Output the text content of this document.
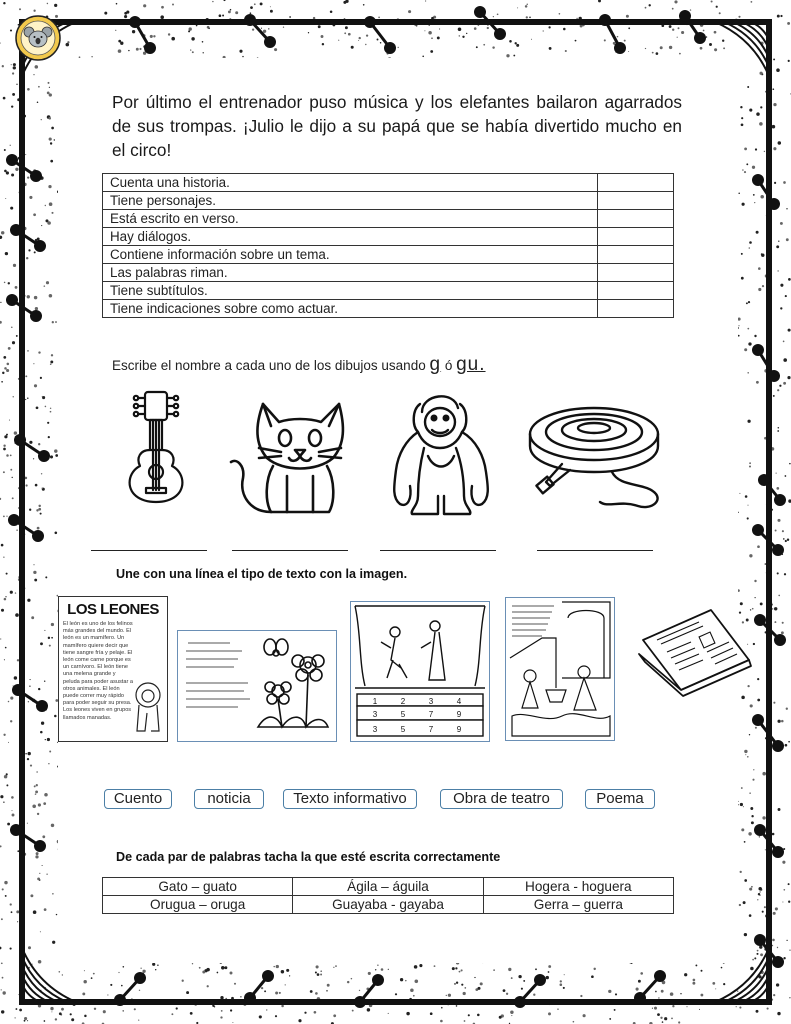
Por último el entrenador puso música y los elefantes bailaron agarrados de sus trompas. ¡Julio le dijo a su papá que se había divertido mucho en el circo!
Cuenta una historia.	
Tiene personajes.	
Está escrito en verso.	
Hay diálogos.	
Contiene información sobre un tema.	
Las palabras riman.	
Tiene subtítulos.	
Tiene indicaciones sobre como actuar.	
Escribe el nombre a cada uno de los dibujos usando g ó gu.
Une con una línea el tipo de texto con la imagen.
LOS LEONES
El león es uno de los felinos más grandes del mundo. El león es un mamífero. Un mamífero quiere decir que tiene sangre fría y pelaje. El león come carne porque es un carnívoro. El león tiene una melena grande y peluda para poder asustar a otros animales. El león puede correr muy rápido para poder seguir su presa. Los leones viven en grupos llamados manadas.
1	2	3	4
3	5	7	9
3	5	7	9
Cuento	noticia	Texto informativo	Obra de teatro	Poema
De cada par de palabras tacha la que esté escrita correctamente
Gato – guato	Ágila – águila	Hogera - hoguera
Orugua – oruga	Guayaba - gayaba	Gerra – guerra
